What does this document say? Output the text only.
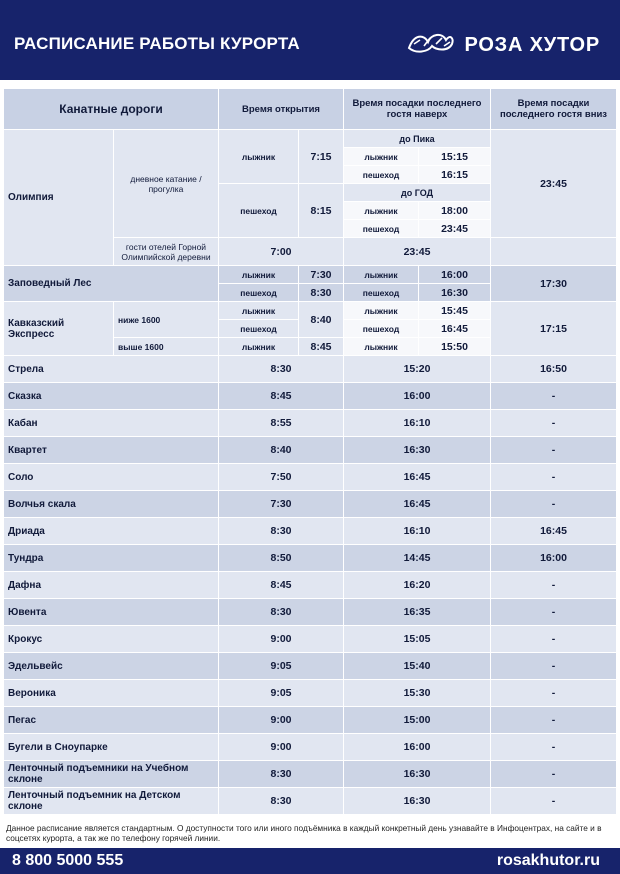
РАСПИСАНИЕ РАБОТЫ КУРОРТА	РОЗА ХУТОР
Канатные дороги		Время открытия		Время посадки последнего гостя наверх		Время посадки последнего гостя вниз
Олимпия	дневное катание / прогулка	лыжник	7:15	до Пика		23:45
				лыжник	15:15	
				пешеход	16:15	
		пешеход	8:15	до ГОД		
				лыжник	18:00	
				пешеход	23:45	
	гости отелей Горной Олимпийской деревни	7:00		23:45		
Заповедный Лес		лыжник	7:30	лыжник	16:00	17:30
		пешеход	8:30	пешеход	16:30	
Кавказский Экспресс	ниже 1600	лыжник	8:40	лыжник	15:45	17:15
		пешеход		пешеход	16:45	
	выше 1600	лыжник	8:45	лыжник	15:50	
Стрела		8:30		15:20		16:50
Сказка		8:45		16:00		-
Кабан		8:55		16:10		-
Квартет		8:40		16:30		-
Соло		7:50		16:45		-
Волчья скала		7:30		16:45		-
Дриада		8:30		16:10		16:45
Тундра		8:50		14:45		16:00
Дафна		8:45		16:20		-
Ювента		8:30		16:35		-
Крокус		9:00		15:05		-
Эдельвейс		9:05		15:40		-
Вероника		9:05		15:30		-
Пегас		9:00		15:00		-
Бугели в Сноупарке		9:00		16:00		-
Ленточный подъемники на Учебном склоне		8:30		16:30		-
Ленточный подъемник на Детском склоне		8:30		16:30		-
Данное расписание является стандартным. О доступности того или иного подъёмника в каждый конкретный день узнавайте в Инфоцентрах, на сайте и в соцсетях курорта, а так же по телефону горячей линии.
8 800 5000 555	rosakhutor.ru
